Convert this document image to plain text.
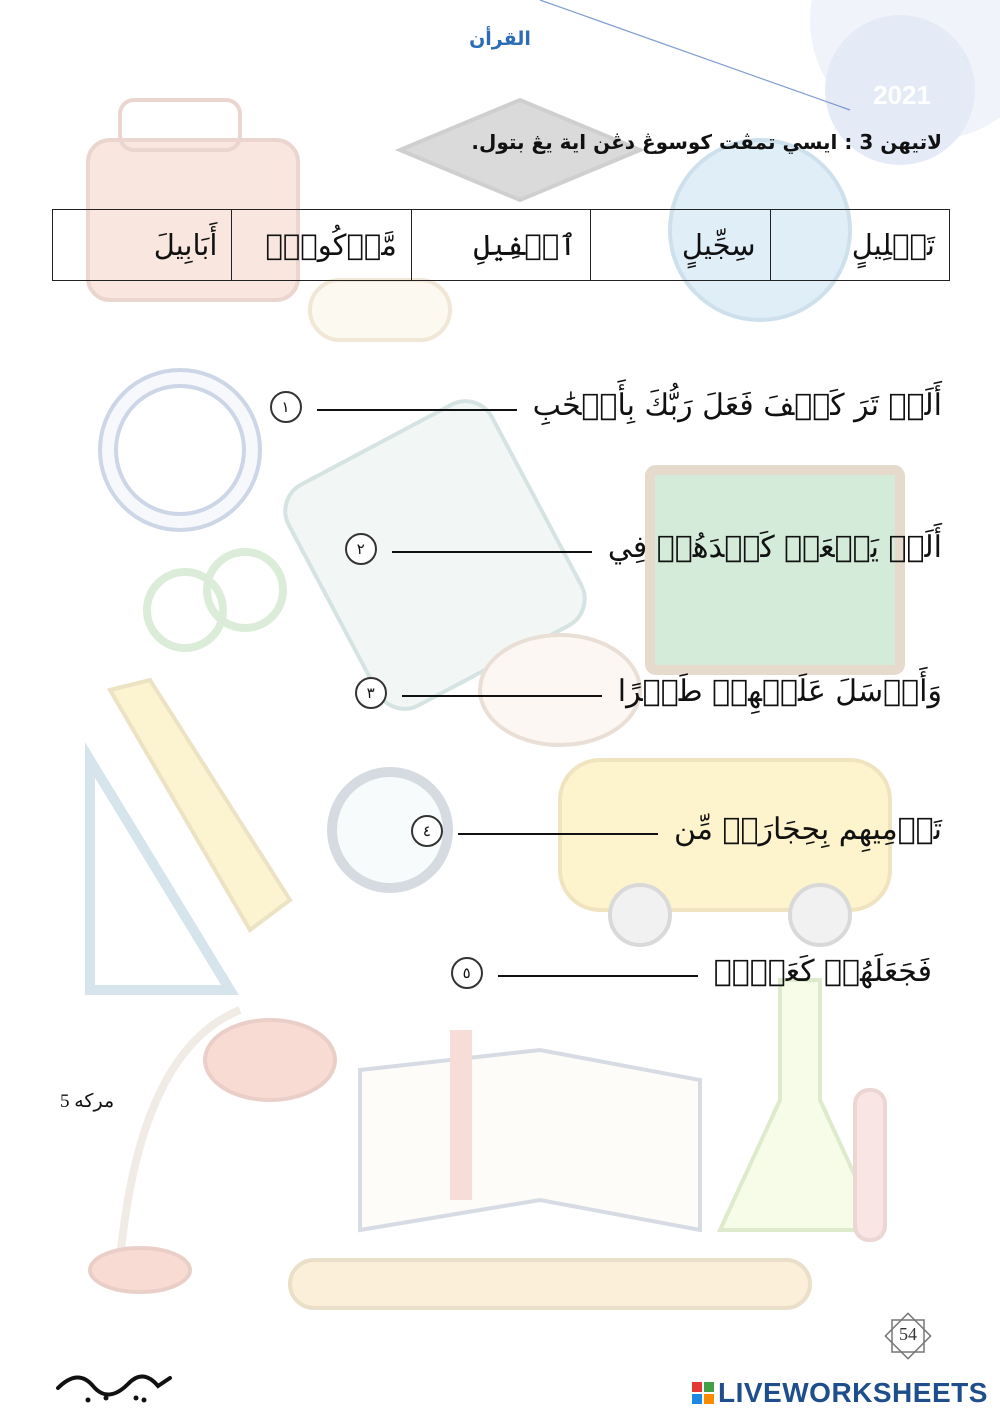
القرأن
2021
لاتيهن 3 : ايسي تمڤت كوسوڠ دڠن اية يڠ بتول.
تَضۡلِيلٍ	سِجِّيلٍ	ٱلۡفِيلِ	مَّأۡكُولِۭ	أَبَابِيلَ
أَلَمۡ تَرَ كَيۡفَ فَعَلَ رَبُّكَ بِأَصۡحَٰبِ  ١
أَلَمۡ يَجۡعَلۡ كَيۡدَهُمۡ فِي  ٢
وَأَرۡسَلَ عَلَيۡهِمۡ طَيۡرًا  ٣
تَرۡمِيهِم بِحِجَارَةٖ مِّن  ٤
فَجَعَلَهُمۡ كَعَصۡفٖ  ٥
5 مركه
54
LIVEWORKSHEETS
